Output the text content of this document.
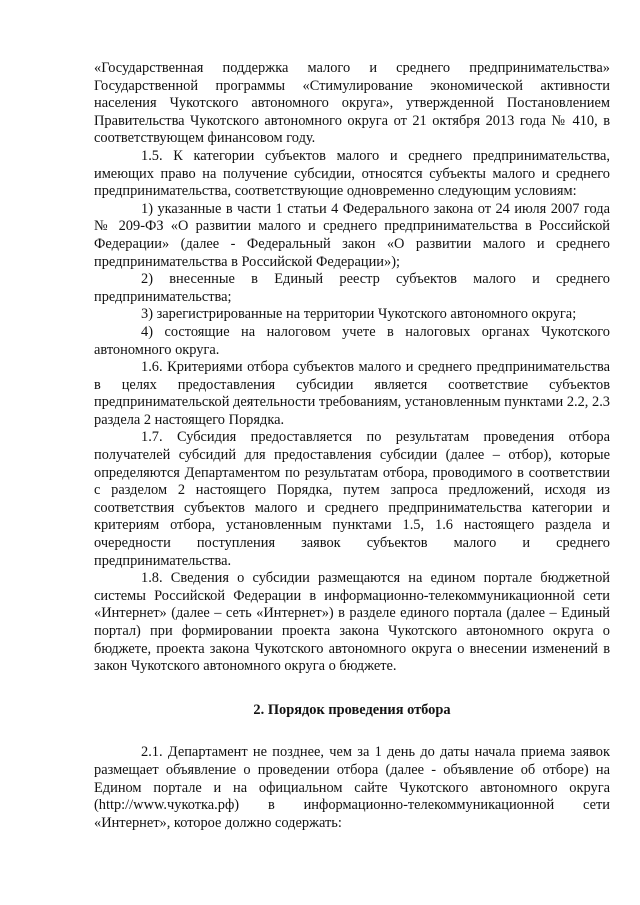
«Государственная поддержка малого и среднего предпринимательства» Государственной программы «Стимулирование экономической активности населения Чукотского автономного округа», утвержденной Постановлением Правительства Чукотского автономного округа от 21 октября 2013 года № 410, в соответствующем финансовом году.

1.5. К категории субъектов малого и среднего предпринимательства, имеющих право на получение субсидии, относятся субъекты малого и среднего предпринимательства, соответствующие одновременно следующим условиям:

1) указанные в части 1 статьи 4 Федерального закона от 24 июля 2007 года № 209-ФЗ «О развитии малого и среднего предпринимательства в Российской Федерации» (далее - Федеральный закон «О развитии малого и среднего предпринимательства в Российской Федерации»);

2) внесенные в Единый реестр субъектов малого и среднего предпринимательства;

3) зарегистрированные на территории Чукотского автономного округа;

4) состоящие на налоговом учете в налоговых органах Чукотского автономного округа.

1.6. Критериями отбора субъектов малого и среднего предпринимательства в целях предоставления субсидии является соответствие субъектов предпринимательской деятельности требованиям, установленным пунктами 2.2, 2.3 раздела 2 настоящего Порядка.

1.7. Субсидия предоставляется по результатам проведения отбора получателей субсидий для предоставления субсидии (далее – отбор), которые определяются Департаментом по результатам отбора, проводимого в соответствии с разделом 2 настоящего Порядка, путем запроса предложений, исходя из соответствия субъектов малого и среднего предпринимательства категории и критериям отбора, установленным пунктами 1.5, 1.6 настоящего раздела и очередности поступления заявок субъектов малого и среднего предпринимательства.

1.8. Сведения о субсидии размещаются на едином портале бюджетной системы Российской Федерации в информационно-телекоммуникационной сети «Интернет» (далее – сеть «Интернет») в разделе единого портала (далее – Единый портал) при формировании проекта закона Чукотского автономного округа о бюджете, проекта закона Чукотского автономного округа о внесении изменений в закон Чукотского автономного округа о бюджете.

2. Порядок проведения отбора

2.1. Департамент не позднее, чем за 1 день до даты начала приема заявок размещает объявление о проведении отбора (далее - объявление об отборе) на Едином портале и на официальном сайте Чукотского автономного округа (http://www.чукотка.рф) в информационно-телекоммуникационной сети «Интернет», которое должно содержать:
